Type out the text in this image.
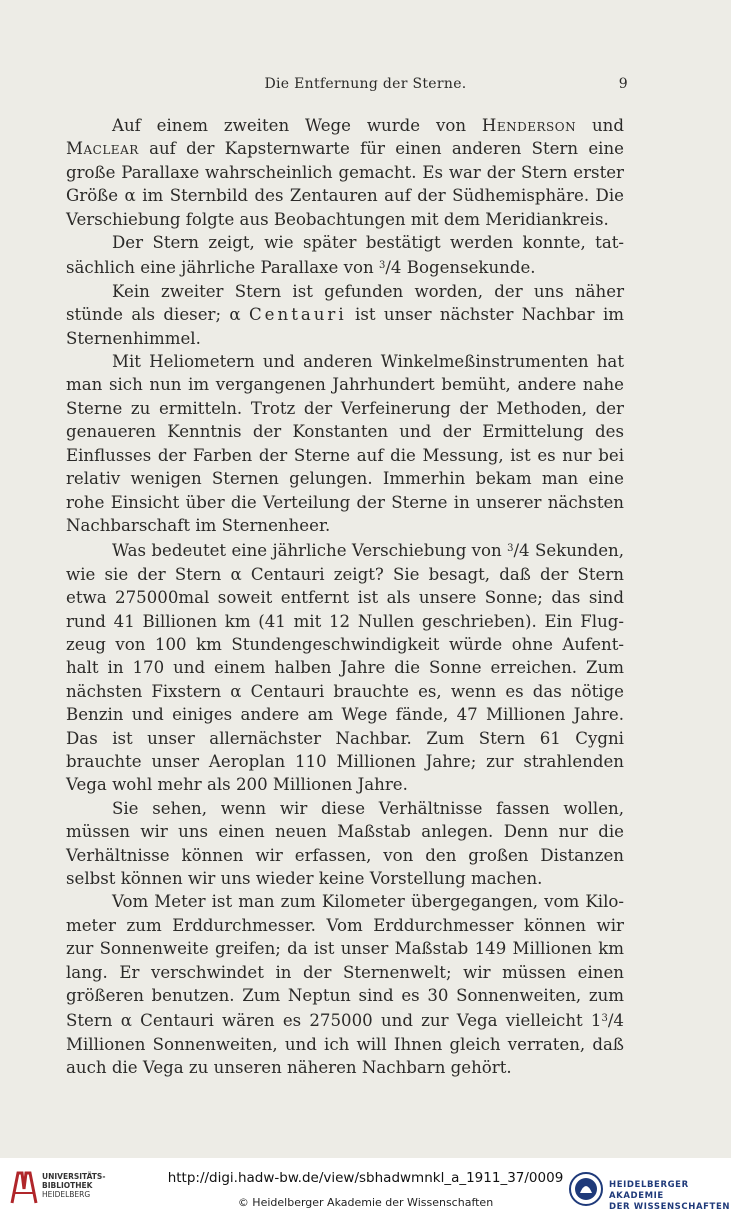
Die Entfernung der Sterne.	9

Auf einem zweiten Wege wurde von Henderson und Maclear auf der Kapsternwarte für einen anderen Stern eine große Parallaxe wahrscheinlich gemacht. Es war der Stern erster Größe α im Sternbild des Zentauren auf der Südhemisphäre. Die Verschiebung folgte aus Beobachtungen mit dem Meridiankreis.

Der Stern zeigt, wie später bestätigt werden konnte, tat-sächlich eine jährliche Parallaxe von $^3$/4 Bogensekunde.

Kein zweiter Stern ist gefunden worden, der uns näher stünde als dieser; α Centauri ist unser nächster Nachbar im Sternenhimmel.

Mit Heliometern und anderen Winkelmeßinstrumenten hat man sich nun im vergangenen Jahrhundert bemüht, andere nahe Sterne zu ermitteln. Trotz der Verfeinerung der Methoden, der genaueren Kenntnis der Konstanten und der Ermittelung des Einflusses der Farben der Sterne auf die Messung, ist es nur bei relativ wenigen Sternen gelungen. Immerhin bekam man eine rohe Einsicht über die Verteilung der Sterne in unserer nächsten Nachbarschaft im Sternenheer.

Was bedeutet eine jährliche Verschiebung von $^3$/4 Sekunden, wie sie der Stern α Centauri zeigt? Sie besagt, daß der Stern etwa 275000mal soweit entfernt ist als unsere Sonne; das sind rund 41 Billionen km (41 mit 12 Nullen geschrieben). Ein Flug-zeug von 100 km Stundengeschwindigkeit würde ohne Aufent-halt in 170 und einem halben Jahre die Sonne erreichen. Zum nächsten Fixstern α Centauri brauchte es, wenn es das nötige Benzin und einiges andere am Wege fände, 47 Millionen Jahre. Das ist unser allernächster Nachbar. Zum Stern 61 Cygni brauchte unser Aeroplan 110 Millionen Jahre; zur strahlenden Vega wohl mehr als 200 Millionen Jahre.

Sie sehen, wenn wir diese Verhältnisse fassen wollen, müssen wir uns einen neuen Maßstab anlegen. Denn nur die Verhältnisse können wir erfassen, von den großen Distanzen selbst können wir uns wieder keine Vorstellung machen.

Vom Meter ist man zum Kilometer übergegangen, vom Kilo-meter zum Erddurchmesser. Vom Erddurchmesser können wir zur Sonnenweite greifen; da ist unser Maßstab 149 Millionen km lang. Er verschwindet in der Sternenwelt; wir müssen einen größeren benutzen. Zum Neptun sind es 30 Sonnenweiten, zum Stern α Centauri wären es 275000 und zur Vega vielleicht $1^3/4$ Millionen Sonnenweiten, und ich will Ihnen gleich verraten, daß auch die Vega zu unseren näheren Nachbarn gehört.

UNIVERSITÄTS-
BIBLIOTHEK
HEIDELBERG
http://digi.hadw-bw.de/view/sbhadwmnkl_a_1911_37/0009
© Heidelberger Akademie der Wissenschaften
HEIDELBERGER AKADEMIE
DER WISSENSCHAFTEN
